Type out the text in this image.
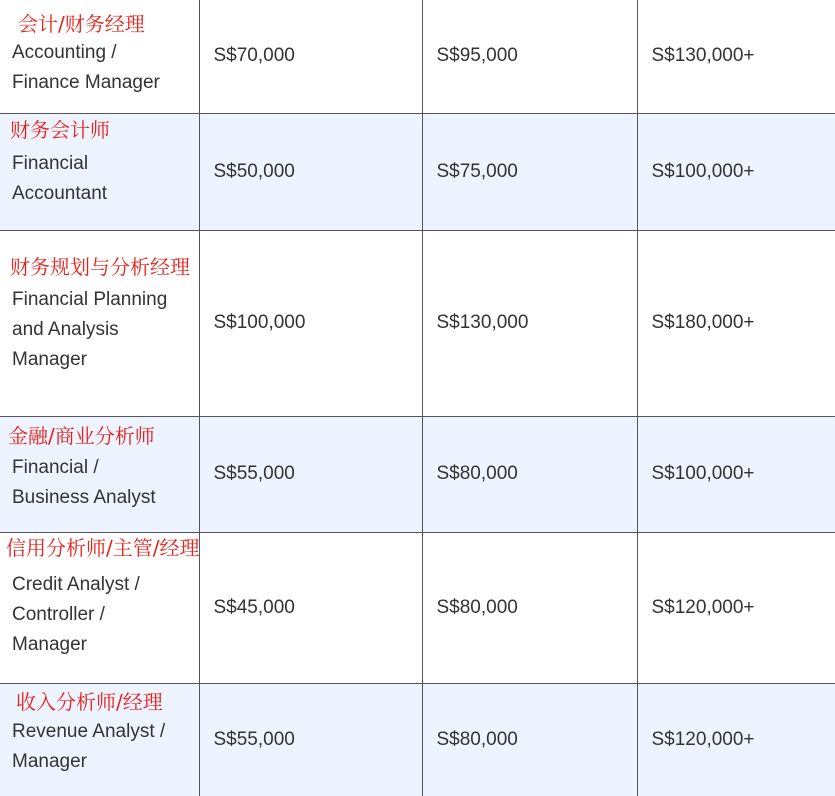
会计/财务经理
Accounting /
Finance Manager	S$70,000	S$95,000	S$130,000+

财务会计师
Financial
Accountant	S$50,000	S$75,000	S$100,000+

财务规划与分析经理
Financial Planning
and Analysis
Manager	S$100,000	S$130,000	S$180,000+

金融/商业分析师
Financial /
Business Analyst	S$55,000	S$80,000	S$100,000+

信用分析师/主管/经理
Credit Analyst /
Controller /
Manager	S$45,000	S$80,000	S$120,000+

收入分析师/经理
Revenue Analyst /
Manager	S$55,000	S$80,000	S$120,000+
